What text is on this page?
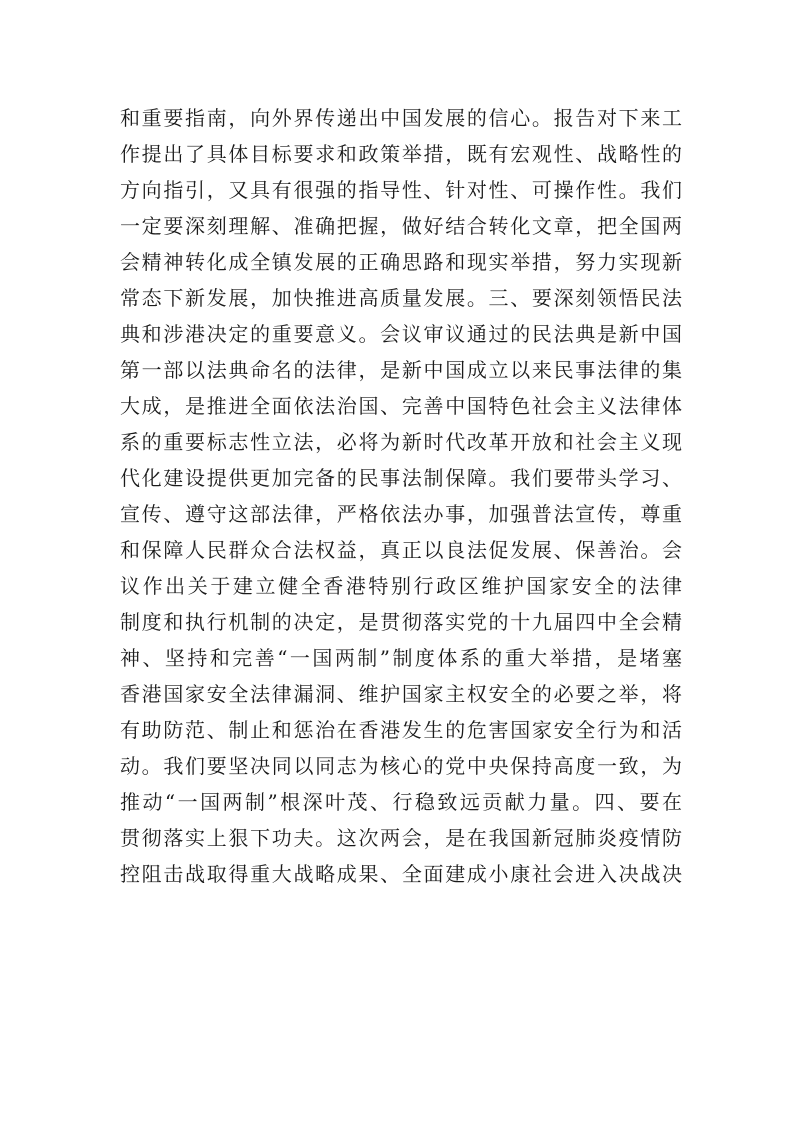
和重要指南，向外界传递出中国发展的信心。报告对下来工
作提出了具体目标要求和政策举措，既有宏观性、战略性的
方向指引，又具有很强的指导性、针对性、可操作性。我们
一定要深刻理解、准确把握，做好结合转化文章，把全国两
会精神转化成全镇发展的正确思路和现实举措，努力实现新
常态下新发展，加快推进高质量发展。三、要深刻领悟民法
典和涉港决定的重要意义。会议审议通过的民法典是新中国
第一部以法典命名的法律，是新中国成立以来民事法律的集
大成，是推进全面依法治国、完善中国特色社会主义法律体
系的重要标志性立法，必将为新时代改革开放和社会主义现
代化建设提供更加完备的民事法制保障。我们要带头学习、
宣传、遵守这部法律，严格依法办事，加强普法宣传，尊重
和保障人民群众合法权益，真正以良法促发展、保善治。会
议作出关于建立健全香港特别行政区维护国家安全的法律
制度和执行机制的决定，是贯彻落实党的十九届四中全会精
神、坚持和完善“一国两制”制度体系的重大举措，是堵塞
香港国家安全法律漏洞、维护国家主权安全的必要之举，将
有助防范、制止和惩治在香港发生的危害国家安全行为和活
动。我们要坚决同以同志为核心的党中央保持高度一致，为
推动“一国两制”根深叶茂、行稳致远贡献力量。四、要在
贯彻落实上狠下功夫。这次两会，是在我国新冠肺炎疫情防
控阻击战取得重大战略成果、全面建成小康社会进入决战决
